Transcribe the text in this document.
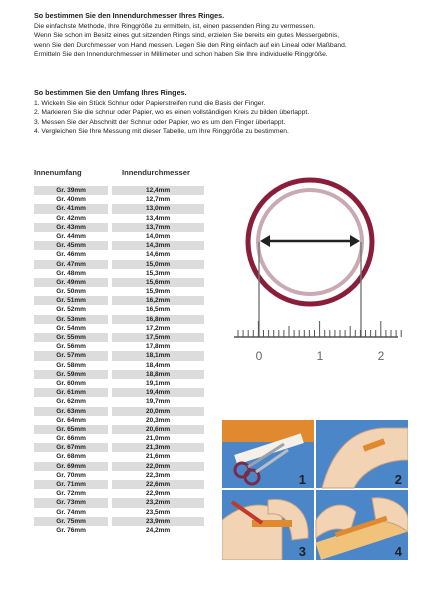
So bestimmen Sie den Innendurchmesser Ihres Ringes.

Die einfachste Methode, Ihre Ringgröße zu ermitteln, ist, einen passenden Ring zu vermessen.

Wenn Sie schon im Besitz eines gut sitzenden Rings sind, erzielen Sie bereits ein gutes Messergebnis,

wenn Sie den Durchmesser von Hand messen. Legen Sie den Ring einfach auf ein Lineal oder Maßband.

Ermitteln Sie den Innendurchmesser in Millimeter und schon haben Sie Ihre individuelle Ringgröße.

So bestimmen Sie den Umfang Ihres Ringes.

1. Wickeln Sie ein Stück Schnur oder Papierstreifen rund die Basis der Finger.

2. Markieren Sie die schnur oder Papier, wo es einen vollständigen Kreis zu bilden überlappt.

3. Messen Sie der Abschnitt der Schnur oder Papier, wo es um den Finger überlappt.

4. Vergleichen Sie Ihre Messung mit dieser Tabelle, um Ihre Ringgröße zu bestimmen.

Innenumfang	Innendurchmesser
Gr. 39mm	12,4mm
Gr. 40mm	12,7mm
Gr. 41mm	13,0mm
Gr. 42mm	13,4mm
Gr. 43mm	13,7mm
Gr. 44mm	14,0mm
Gr. 45mm	14,3mm
Gr. 46mm	14,6mm
Gr. 47mm	15,0mm
Gr. 48mm	15,3mm
Gr. 49mm	15,6mm
Gr. 50mm	15,9mm
Gr. 51mm	16,2mm
Gr. 52mm	16,5mm
Gr. 53mm	16,8mm
Gr. 54mm	17,2mm
Gr. 55mm	17,5mm
Gr. 56mm	17,8mm
Gr. 57mm	18,1mm
Gr. 58mm	18,4mm
Gr. 59mm	18,8mm
Gr. 60mm	19,1mm
Gr. 61mm	19,4mm
Gr. 62mm	19,7mm
Gr. 63mm	20,0mm
Gr. 64mm	20,3mm
Gr. 65mm	20,6mm
Gr. 66mm	21,0mm
Gr. 67mm	21,3mm
Gr. 68mm	21,6mm
Gr. 69mm	22,0mm
Gr. 70mm	22,3mm
Gr. 71mm	22,6mm
Gr. 72mm	22,9mm
Gr. 73mm	23,2mm
Gr. 74mm	23,5mm
Gr. 75mm	23,9mm
Gr. 76mm	24,2mm
0	1	2
1	2
3	4
